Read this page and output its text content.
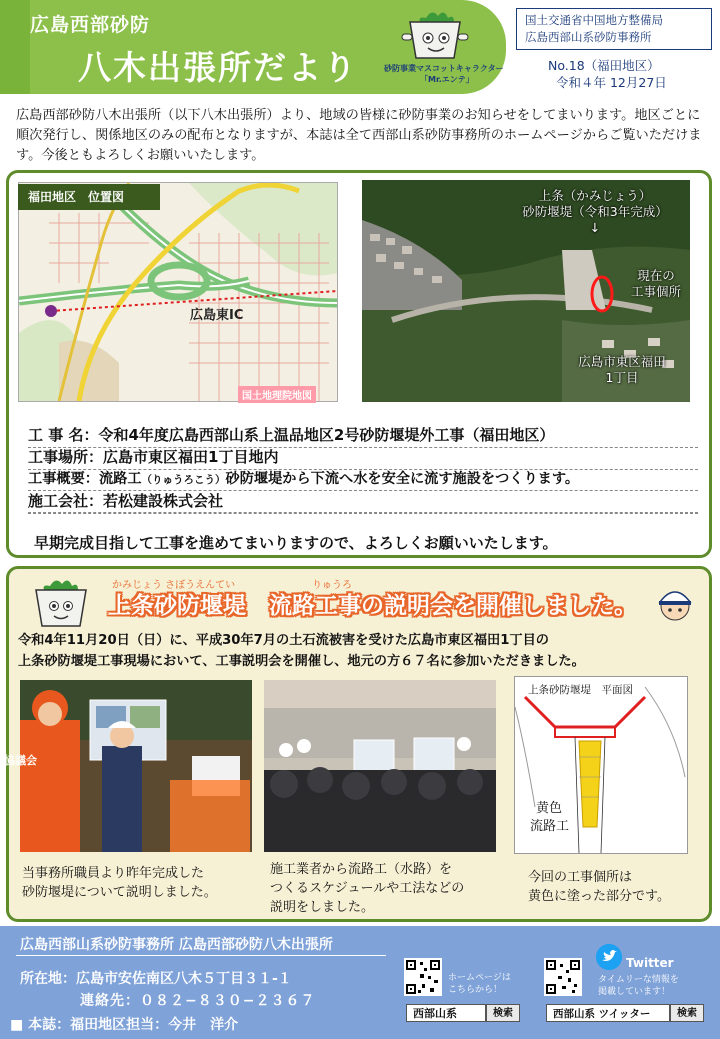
広島西部砂防
八木出張所だより	砂防事業マスコットキャラクター
「Mr.エンテ」
国土交通省中国地方整備局
広島西部山系砂防事務所
No.18（福田地区）
令和４年 12月27日
広島西部砂防八木出張所（以下八木出張所）より、地域の皆様に砂防事業のお知らせをしてまいります。地区ごとに順次発行し、関係地区のみの配布となりますが、本誌は全て西部山系砂防事務所のホームページからご覧いただけます。今後ともよろしくお願いいたします。
福田地区　位置図
広島東IC
国土地理院地図
上条（かみじょう）
砂防堰堤（令和3年完成）
↓
現在の
工事個所
広島市東区福田
1丁目
工 事 名：令和4年度広島西部山系上温品地区2号砂防堰堤外工事（福田地区）
工事場所：広島市東区福田1丁目地内
工事概要：流路工（りゅうろこう）砂防堰堤から下流へ水を安全に流す施設をつくります。
施工会社：若松建設株式会社
早期完成目指して工事を進めてまいりますので、よろしくお願いいたします。
かみじょう さぼうえんてい	りゅうろ
上条砂防堰堤　流路工事の説明会を開催しました。
令和4年11月20日（日）に、平成30年7月の土石流被害を受けた広島市東区福田1丁目の
上条砂防堰堤工事現場において、工事説明会を開催し、地元の方６７名に参加いただきました。
協議会
上条砂防堰堤　平面図
黄色
流路工
当事務所職員より昨年完成した
砂防堰堤について説明しました。
施工業者から流路工（水路）を
つくるスケジュールや工法などの
説明をしました。
今回の工事個所は
黄色に塗った部分です。
広島西部山系砂防事務所 広島西部砂防八木出張所
所在地：広島市安佐南区八木５丁目３１-１
連絡先：０８２−８３０−２３６７
■ 本誌：福田地区担当：今井　洋介
ホームページは
こちらから！
西部山系	検索
Twitter
タイムリーな情報を
掲載しています！
西部山系 ツイッター	検索
